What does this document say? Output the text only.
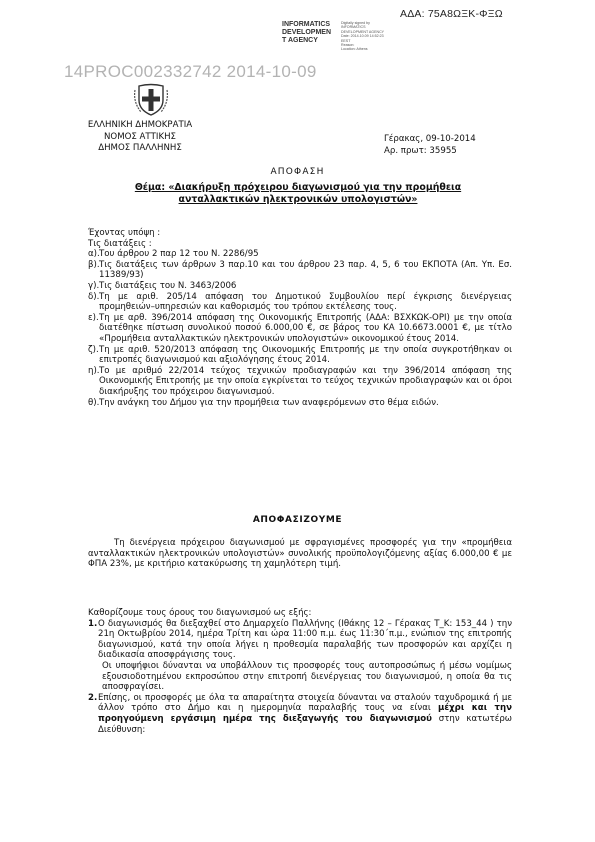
ΑΔΑ: 75Α8ΩΞΚ-ΦΞΩ
INFORMATICS
DEVELOPMEN
T AGENCY
Digitally signed by
INFORMATICS
DEVELOPMENT AGENCY
Date: 2014.10.09 14:52:23
EEST
Reason:
Location: Athens
14PROC002332742 2014-10-09
ΕΛΛΗΝΙΚΗ ΔΗΜΟΚΡΑΤΙΑ
ΝΟΜΟΣ ΑΤΤΙΚΗΣ
ΔΗΜΟΣ ΠΑΛΛΗΝΗΣ
Γέρακας, 09-10-2014
Αρ. πρωτ: 35955
ΑΠΟΦΑΣΗ
Θέμα: «Διακήρυξη πρόχειρου διαγωνισμού για την προμήθεια
ανταλλακτικών ηλεκτρονικών υπολογιστών»

Έχοντας υπόψη :

Τις διατάξεις :

α). Του άρθρου 2 παρ 12 του Ν. 2286/95
β). Τις διατάξεις των άρθρων 3 παρ.10 και του άρθρου 23 παρ. 4, 5, 6 του ΕΚΠΟΤΑ (Απ. Υπ. Εσ. 11389/93)
γ). Τις διατάξεις του Ν. 3463/2006
δ). Τη με αριθ. 205/14 απόφαση του Δημοτικού Συμβουλίου περί έγκρισης διενέργειας προμηθειών–υπηρεσιών και καθορισμός του τρόπου εκτέλεσης τους.
ε). Τη με αρθ. 396/2014 απόφαση της Οικονομικής Επιτροπής (ΑΔΑ: ΒΣΧΚΩΚ-ΟΡΙ) με την οποία διατέθηκε πίστωση συνολικού ποσού 6.000,00 €, σε βάρος του ΚΑ 10.6673.0001 €, με τίτλο «Προμήθεια ανταλλακτικών ηλεκτρονικών υπολογιστών» οικονομικού έτους 2014.
ζ). Τη με αριθ. 520/2013 απόφαση της Οικονομικής Επιτροπής με την οποία συγκροτήθηκαν οι επιτροπές διαγωνισμού και αξιολόγησης έτους 2014.
η). Το με αριθμό 22/2014 τεύχος τεχνικών προδιαγραφών και την 396/2014 απόφαση της Οικονομικής Επιτροπής με την οποία εγκρίνεται το τεύχος τεχνικών προδιαγραφών και οι όροι διακήρυξης του πρόχειρου διαγωνισμού.
θ). Την ανάγκη του Δήμου για την προμήθεια των αναφερόμενων στο θέμα ειδών.
ΑΠΟΦΑΣΙΖΟΥΜΕ

Τη διενέργεια πρόχειρου διαγωνισμού με σφραγισμένες προσφορές για την «προμήθεια ανταλλακτικών ηλεκτρονικών υπολογιστών» συνολικής προϋπολογιζόμενης αξίας 6.000,00 € με ΦΠΑ 23%, με κριτήριο κατακύρωσης τη χαμηλότερη τιμή.

Καθορίζουμε τους όρους του διαγωνισμού ως εξής:

1. Ο διαγωνισμός θα διεξαχθεί στο Δημαρχείο Παλλήνης (Ιθάκης 12 – Γέρακας Τ_Κ: 153_44 ) την 21η Οκτωβρίου 2014, ημέρα Τρίτη και ώρα 11:00 π.μ. έως 11:30΄π.μ., ενώπιον της επιτροπής διαγωνισμού, κατά την οποία λήγει η προθεσμία παραλαβής των προσφορών και αρχίζει η διαδικασία αποσφράγισης τους.

Οι υποψήφιοι δύνανται να υποβάλλουν τις προσφορές τους αυτοπροσώπως ή μέσω νομίμως εξουσιοδοτημένου εκπροσώπου στην επιτροπή διενέργειας του διαγωνισμού, η οποία θα τις αποσφραγίσει.

2. Επίσης, οι προσφορές με όλα τα απαραίτητα στοιχεία δύνανται να σταλούν ταχυδρομικά ή με άλλον τρόπο στο Δήμο και η ημερομηνία παραλαβής τους να είναι μέχρι και την προηγούμενη εργάσιμη ημέρα της διεξαγωγής του διαγωνισμού στην κατωτέρω Διεύθυνση:
